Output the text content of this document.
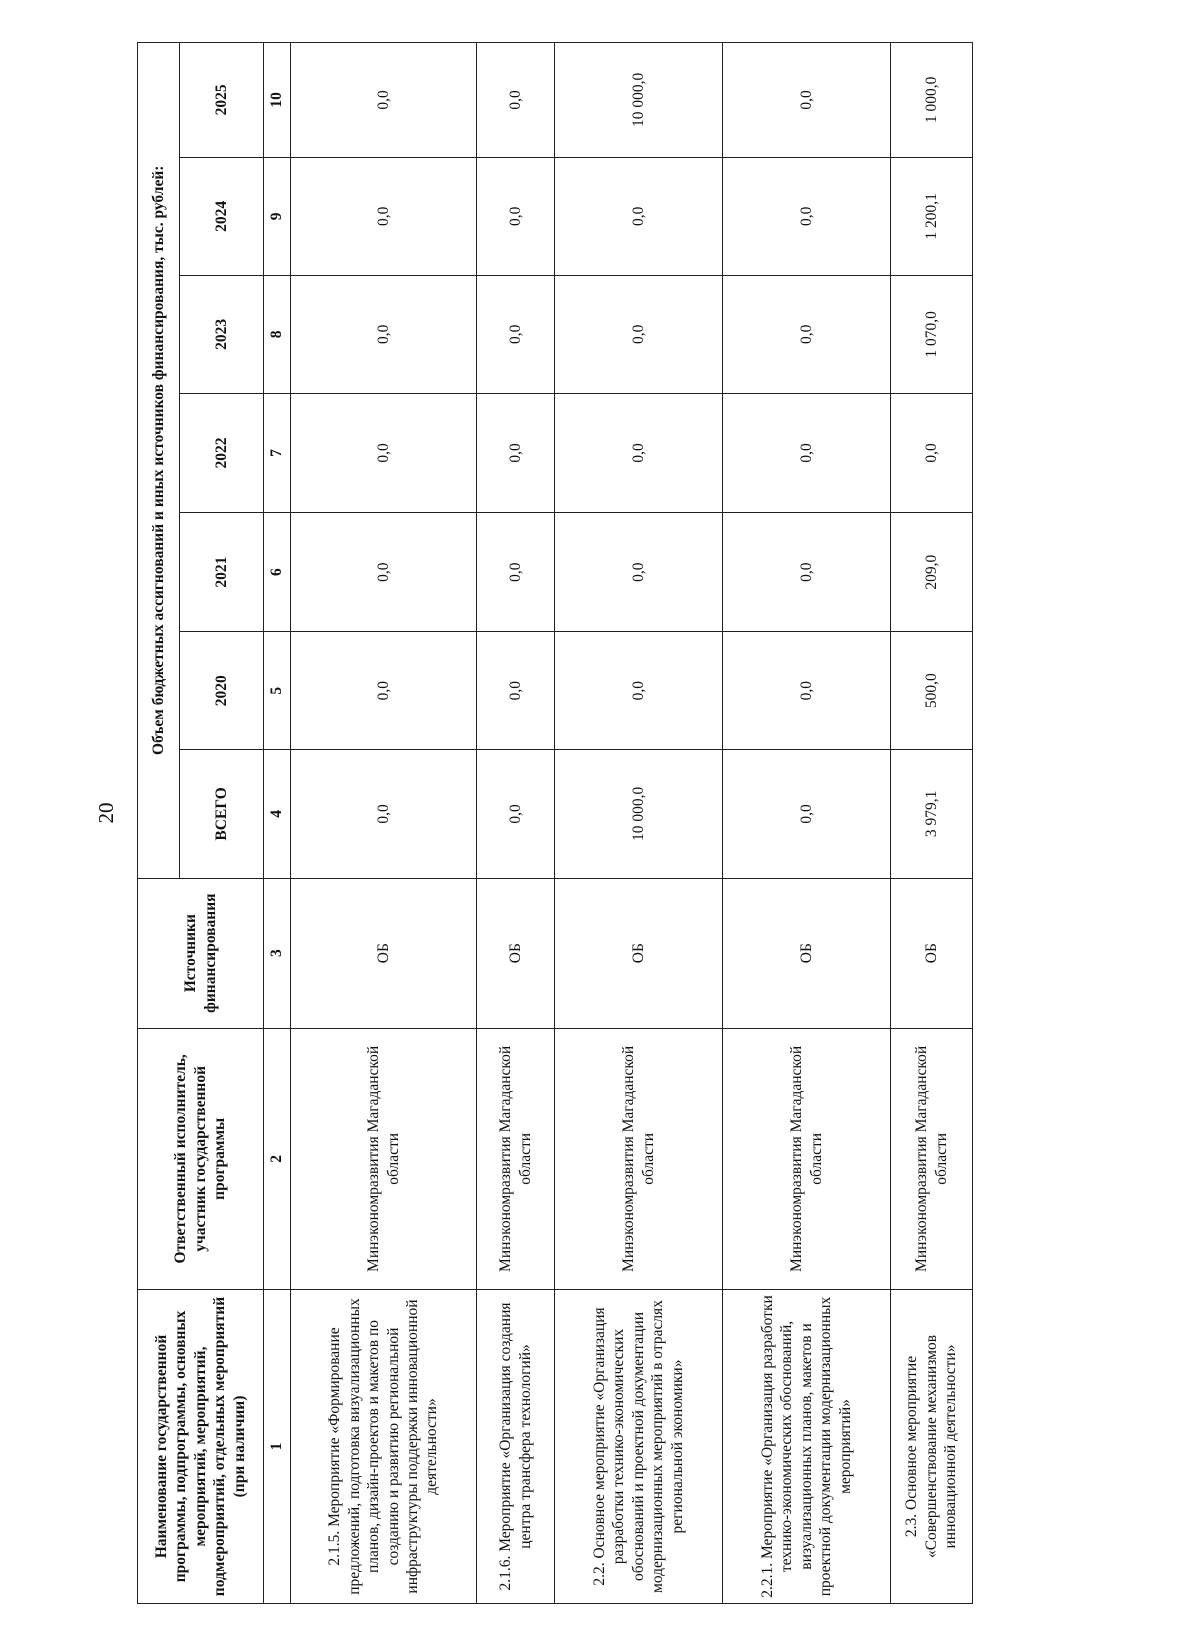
20
Наименование государственной программы, подпрограммы, основных мероприятий, мероприятий, подмероприятий, отдельных мероприятий (при наличии)	Ответственный исполнитель, участник государственной программы	Источники финансирования	Объем бюджетных ассигнований и иных источников финансирования, тыс. рублей:						
			ВСЕГО	2020	2021	2022	2023	2024	2025
1	2	3	4	5	6	7	8	9	10
2.1.5. Мероприятие «Формирование предложений, подготовка визуализационных планов, дизайн-проектов и макетов по созданию и развитию региональной инфраструктуры поддержки инновационной деятельности»	Минэкономразвития Магаданской области	ОБ	0,0	0,0	0,0	0,0	0,0	0,0	0,0
2.1.6. Мероприятие «Организация создания центра трансфера технологий»	Минэкономразвития Магаданской области	ОБ	0,0	0,0	0,0	0,0	0,0	0,0	0,0
2.2. Основное мероприятие «Организация разработки технико-экономических обоснований и проектной документации модернизационных мероприятий в отраслях региональной экономики»	Минэкономразвития Магаданской области	ОБ	10 000,0	0,0	0,0	0,0	0,0	0,0	10 000,0
2.2.1. Мероприятие «Организация разработки технико-экономических обоснований, визуализационных планов, макетов и проектной документации модернизационных мероприятий»	Минэкономразвития Магаданской области	ОБ	0,0	0,0	0,0	0,0	0,0	0,0	0,0
2.3. Основное мероприятие «Совершенствование механизмов инновационной деятельности»	Минэкономразвития Магаданской области	ОБ	3 979,1	500,0	209,0	0,0	1 070,0	1 200,1	1 000,0
